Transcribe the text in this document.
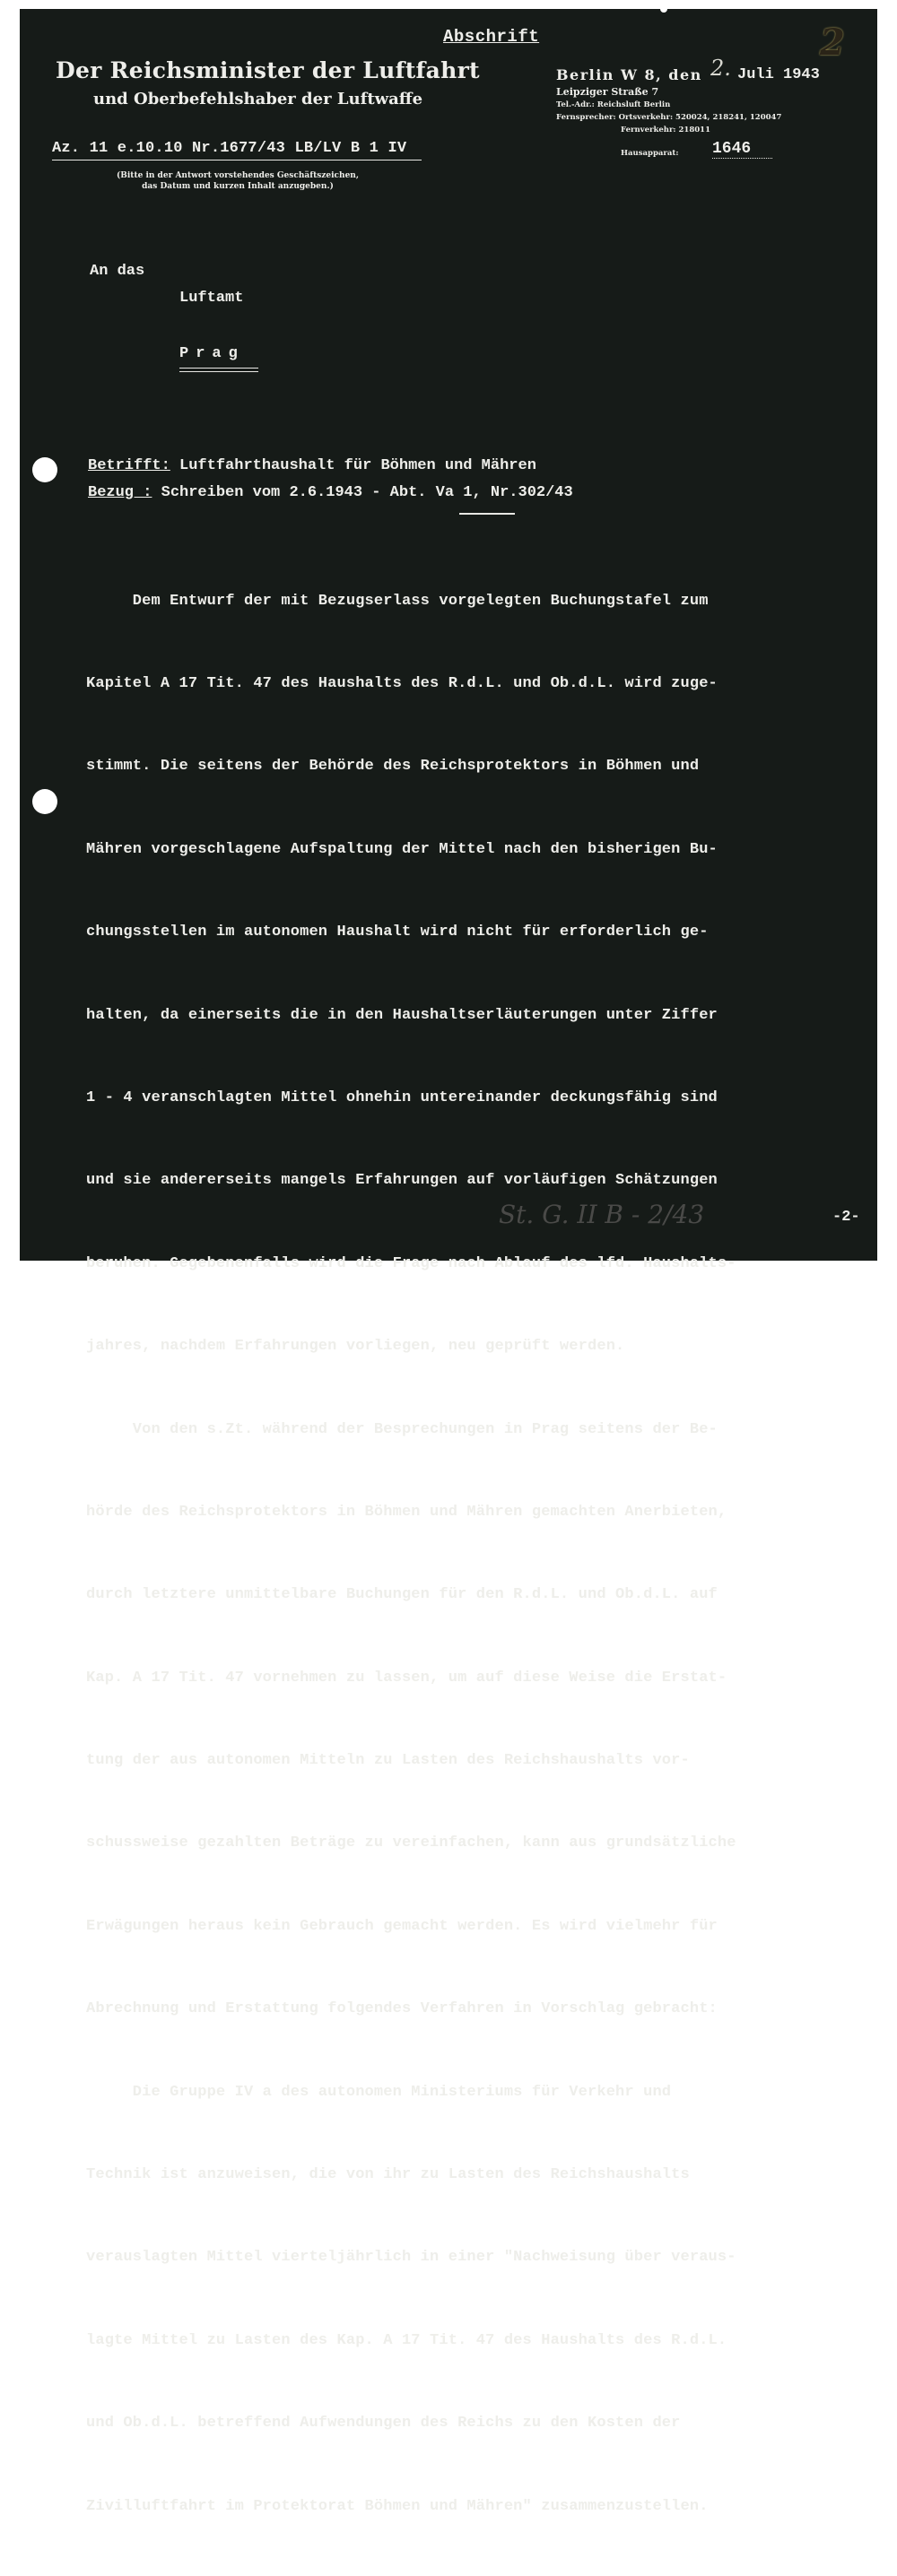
Abschrift	2
Der Reichsminister der Luftfahrt
und Oberbefehlshaber der Luftwaffe
Az. 11 e.10.10 Nr.1677/43 LB/LV B 1 IV
(Bitte in der Antwort vorstehendes Geschäftszeichen,
das Datum und kurzen Inhalt anzugeben.)
Berlin W 8, den 2. Juli 1943
Leipziger Straße 7
Tel.-Adr.: Reichsluft Berlin
Fernsprecher: Ortsverkehr: 520024, 218241, 120047
Fernverkehr: 218011
Hausapparat: 1646
An das
Luftamt
Prag
Betrifft: Luftfahrthaushalt für Böhmen und Mähren
Bezug : Schreiben vom 2.6.1943 - Abt. Va 1, Nr.302/43

Dem Entwurf der mit Bezugserlass vorgelegten Buchungstafel zum

Kapitel A 17 Tit. 47 des Haushalts des R.d.L. und Ob.d.L. wird zuge-

stimmt. Die seitens der Behörde des Reichsprotektors in Böhmen und

Mähren vorgeschlagene Aufspaltung der Mittel nach den bisherigen Bu-

chungsstellen im autonomen Haushalt wird nicht für erforderlich ge-

halten, da einerseits die in den Haushaltserläuterungen unter Ziffer

1 - 4 veranschlagten Mittel ohnehin untereinander deckungsfähig sind

und sie andererseits mangels Erfahrungen auf vorläufigen Schätzungen

beruhen. Gegebenenfalls wird die Frage nach Ablauf des lfd. Haushalts-

jahres, nachdem Erfahrungen vorliegen, neu geprüft werden.

Von den s.Zt. während der Besprechungen in Prag seitens der Be-

hörde des Reichsprotektors in Böhmen und Mähren gemachten Anerbieten,

durch letztere unmittelbare Buchungen für den R.d.L. und Ob.d.L. auf

Kap. A 17 Tit. 47 vornehmen zu lassen, um auf diese Weise die Erstat-

tung der aus autonomen Mitteln zu Lasten des Reichshaushalts vor-

schussweise gezahlten Beträge zu vereinfachen, kann aus grundsätzliche

Erwägungen heraus kein Gebrauch gemacht werden. Es wird vielmehr für

Abrechnung und Erstattung folgendes Verfahren in Vorschlag gebracht:

Die Gruppe IV a des autonomen Ministeriums für Verkehr und

Technik ist anzuweisen, die von ihr zu Lasten des Reichshaushalts

verauslagten Mittel vierteljährlich in einer "Nachweisung über veraus-

lagte Mittel zu Lasten des Kap. A 17 Tit. 47 des Haushalts des R.d.L.

und Ob.d.L. betreffend Aufwendungen des Reichs zu den Kosten der

Zivilluftfahrt im Protektorat Böhmen und Mähren" zusammenzustellen.

St. G. II B - 2/43	-2-
